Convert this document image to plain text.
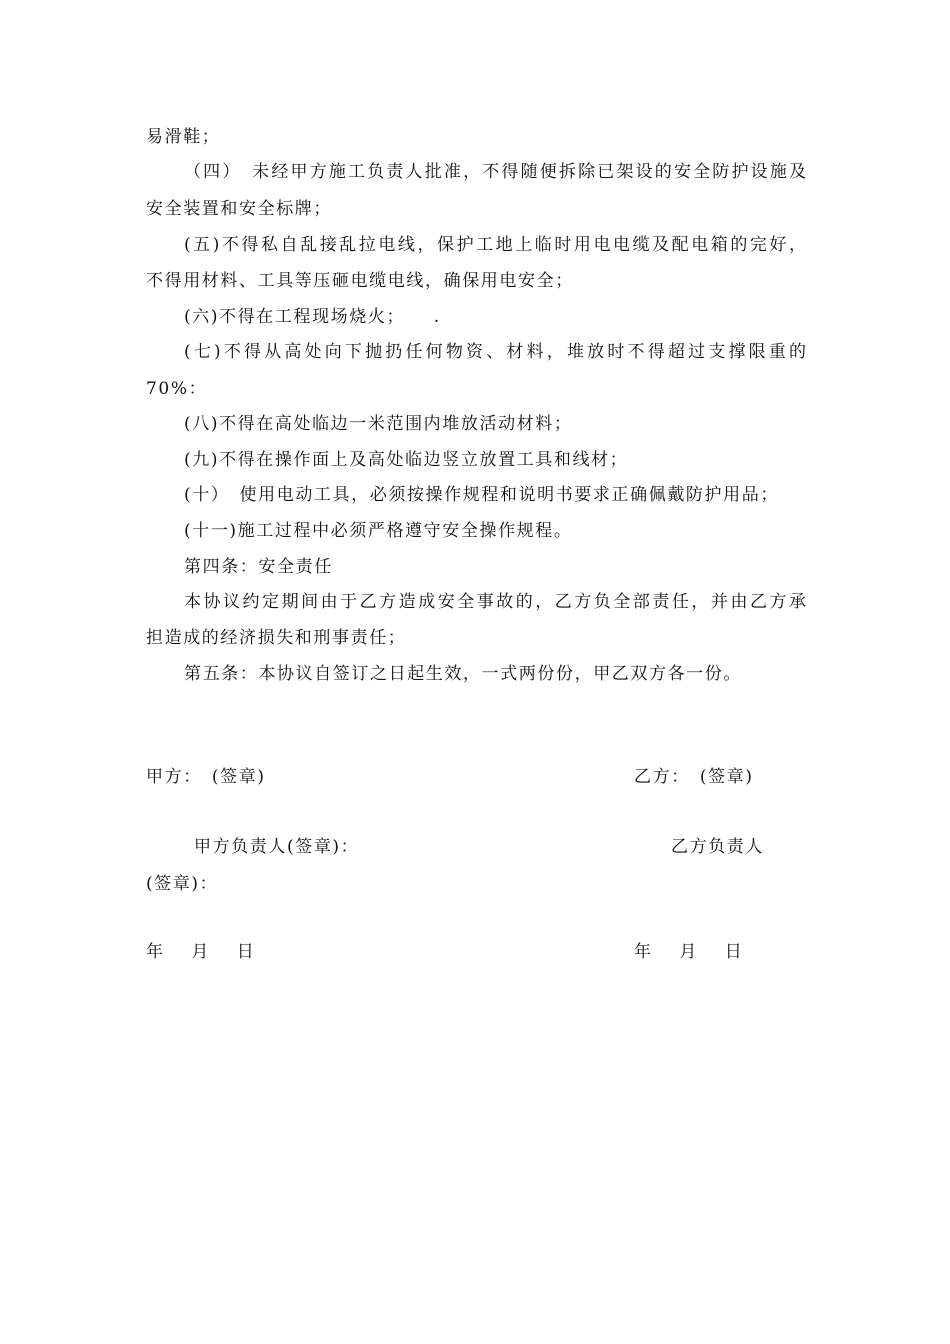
易滑鞋；
（四）　未经甲方施工负责人批准，不得随便拆除已架设的安全防护设施及
安全装置和安全标牌；
(五)不得私自乱接乱拉电线，保护工地上临时用电电缆及配电箱的完好，
不得用材料、工具等压砸电缆电线，确保用电安全；
(六)不得在工程现场烧火；　　.
(七)不得从高处向下抛扔任何物资、材料，堆放时不得超过支撑限重的
70%：
(八)不得在高处临边一米范围内堆放活动材料；
(九)不得在操作面上及高处临边竖立放置工具和线材；
(十）　使用电动工具，必须按操作规程和说明书要求正确佩戴防护用品；
(十一)施工过程中必须严格遵守安全操作规程。
第四条：安全责任
本协议约定期间由于乙方造成安全事故的，乙方负全部责任，并由乙方承
担造成的经济损失和刑事责任；
第五条：本协议自签订之日起生效，一式两份份，甲乙双方各一份。
甲方：　(签章)	乙方：　(签章)
甲方负责人(签章)：	乙方负责人
(签章)：
年　 月　 日	年　 月　 日
